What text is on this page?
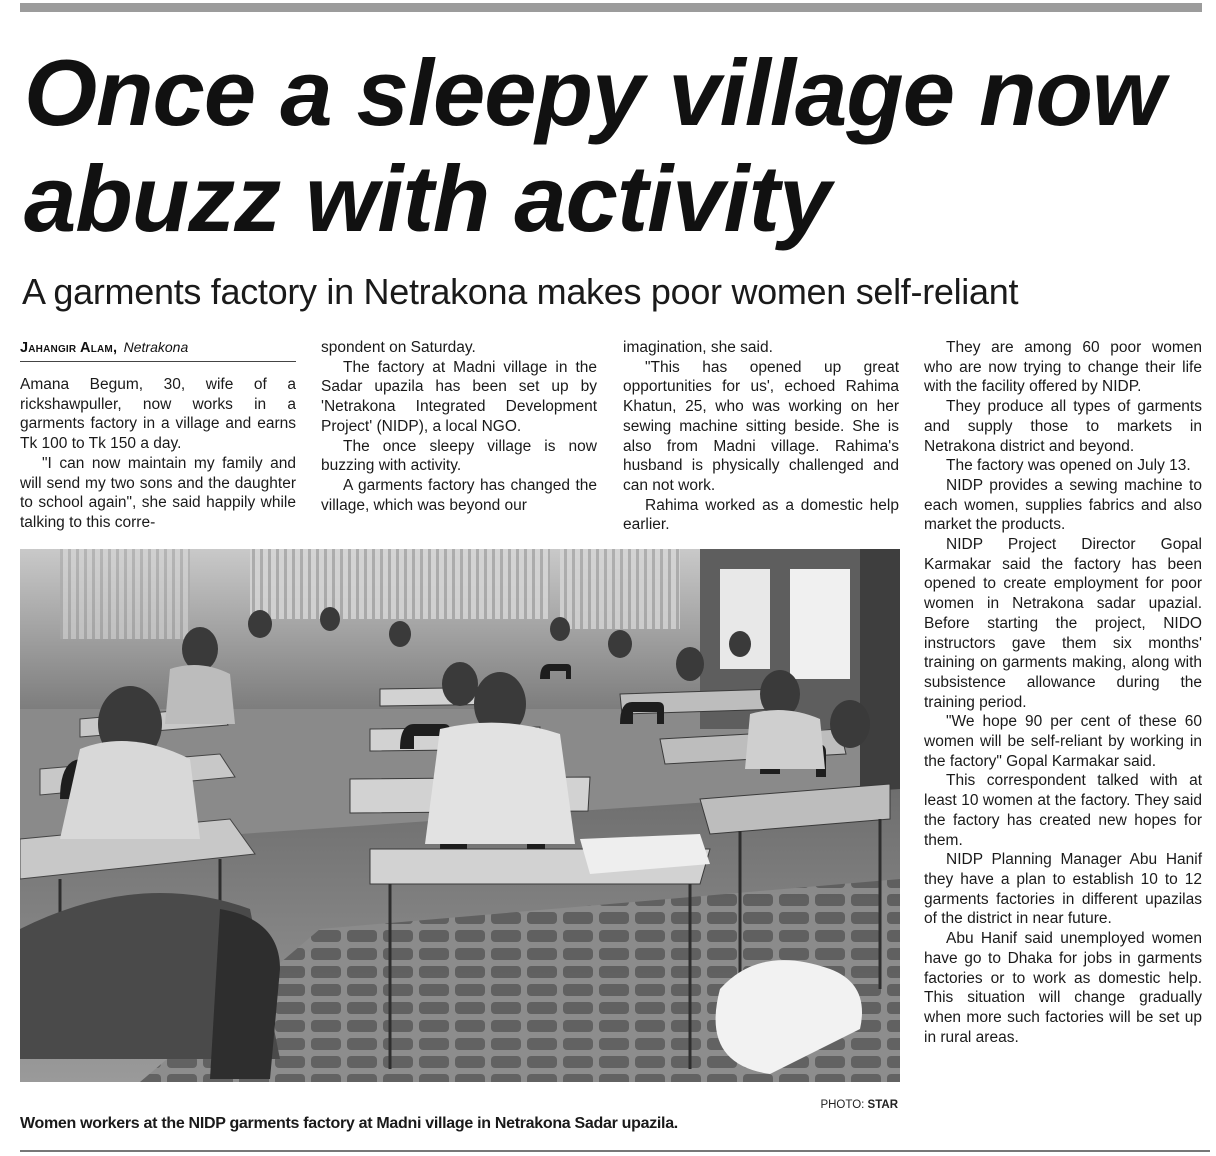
Once a sleepy village now
abuzz with activity
A garments factory in Netrakona makes poor women self-reliant
Jahangir Alam, Netrakona

Amana Begum, 30, wife of a rickshawpuller, now works in a garments factory in a village and earns Tk 100 to Tk 150 a day.

"I can now maintain my family and will send my two sons and the daughter to school again", she said happily while talking to this corre-

spondent on Saturday.

The factory at Madni village in the Sadar upazila has been set up by 'Netrakona Integrated Development Project' (NIDP), a local NGO.

The once sleepy village is now buzzing with activity.

A garments factory has changed the village, which was beyond our

imagination, she said.

"This has opened up great opportunities for us', echoed Rahima Khatun, 25, who was working on her sewing machine sitting beside. She is also from Madni village. Rahima's husband is physically challenged and can not work.

Rahima worked as a domestic help earlier.

They are among 60 poor women who are now trying to change their life with the facility offered by NIDP.

They produce all types of garments and supply those to markets in Netrakona district and beyond.

The factory was opened on July 13.

NIDP provides a sewing machine to each women, supplies fabrics and also market the products.

NIDP Project Director Gopal Karmakar said the factory has been opened to create employment for poor women in Netrakona sadar upazial. Before starting the project, NIDO instructors gave them six months' training on garments making, along with subsistence allowance during the training period.

"We hope 90 per cent of these 60 women will be self-reliant by working in the factory" Gopal Karmakar said.

This correspondent talked with at least 10 women at the factory. They said the factory has created new hopes for them.

NIDP Planning Manager Abu Hanif they have a plan to establish 10 to 12 garments factories in different upazilas of the district in near future.

Abu Hanif said unemployed women have go to Dhaka for jobs in garments factories or to work as domestic help. This situation will change gradually when more such factories will be set up in rural areas.

PHOTO: STAR

Women workers at the NIDP garments factory at Madni village in Netrakona Sadar upazila.
